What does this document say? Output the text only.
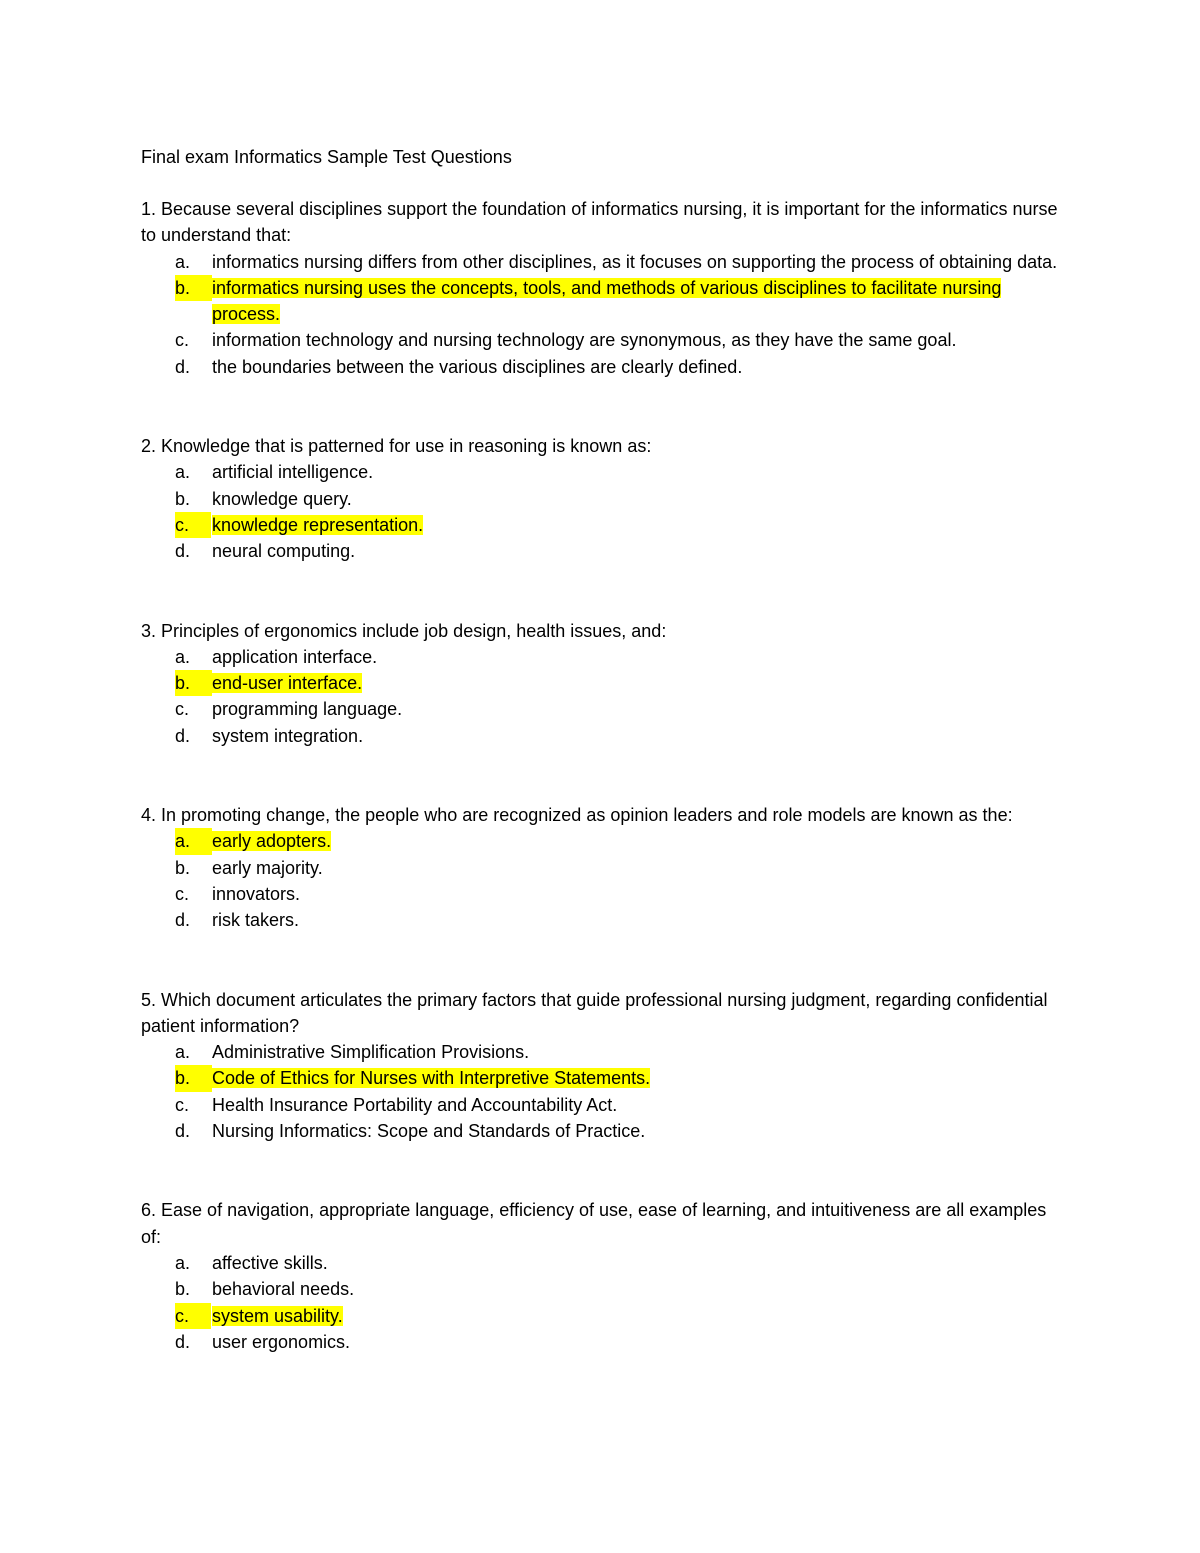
Final exam Informatics Sample Test Questions

1. Because several disciplines support the foundation of informatics nursing, it is important for the informatics nurse to understand that:

a. informatics nursing differs from other disciplines, as it focuses on supporting the process of obtaining data.
b.	informatics nursing uses the concepts, tools, and methods of various disciplines to facilitate nursing process.
c. information technology and nursing technology are synonymous, as they have the same goal.
d. the boundaries between the various disciplines are clearly defined.

2. Knowledge that is patterned for use in reasoning is known as:

a. artificial intelligence.
b. knowledge query.
c.	knowledge representation.
d. neural computing.

3. Principles of ergonomics include job design, health issues, and:

a. application interface.
b.	end-user interface.
c. programming language.
d. system integration.

4. In promoting change, the people who are recognized as opinion leaders and role models are known as the:

a.	early adopters.
b. early majority.
c. innovators.
d. risk takers.

5. Which document articulates the primary factors that guide professional nursing judgment, regarding confidential patient information?

a. Administrative Simplification Provisions.
b.	Code of Ethics for Nurses with Interpretive Statements.
c. Health Insurance Portability and Accountability Act.
d. Nursing Informatics: Scope and Standards of Practice.

6. Ease of navigation, appropriate language, efficiency of use, ease of learning, and intuitiveness are all examples of:

a. affective skills.
b. behavioral needs.
c.	system usability.
d. user ergonomics.
